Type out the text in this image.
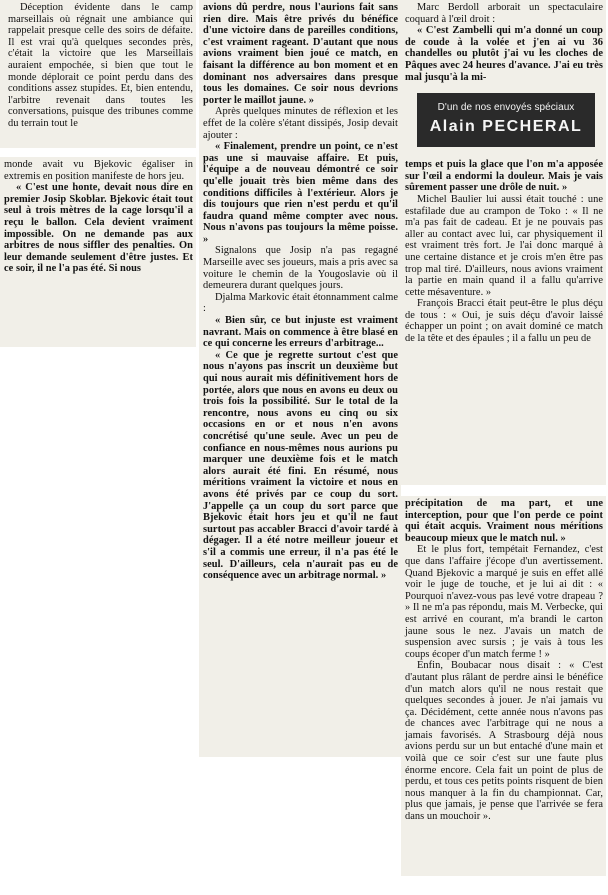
Déception évidente dans le camp marseillais où régnait une ambiance qui rappelait presque celle des soirs de défaite. Il est vrai qu'à quelques secondes près, c'était la victoire que les Marseillais auraient empochée, si bien que tout le monde déplorait ce point perdu dans des conditions assez stupides. Et, bien entendu, l'arbitre revenait dans toutes les conversations, puisque des tribunes comme du terrain tout le

monde avait vu Bjekovic égaliser in extremis en position manifeste de hors jeu.

« C'est une honte, devait nous dire en premier Josip Skoblar. Bjekovic était tout seul à trois mètres de la cage lorsqu'il a reçu le ballon. Cela devient vraiment impossible. On ne demande pas aux arbitres de nous siffler des penalties. On leur demande seulement d'être justes. Et ce soir, il ne l'a pas été. Si nous

avions dû perdre, nous l'aurions fait sans rien dire. Mais être privés du bénéfice d'une victoire dans de pareilles conditions, c'est vraiment rageant. D'autant que nous avions vraiment bien joué ce match, en faisant la différence au bon moment et en dominant nos adversaires dans presque tous les domaines. Ce soir nous devrions porter le maillot jaune. »

Après quelques minutes de réflexion et les effet de la colère s'étant dissipés, Josip devait ajouter :

« Finalement, prendre un point, ce n'est pas une si mauvaise affaire. Et puis, l'équipe a de nouveau démontré ce soir qu'elle jouait très bien même dans des conditions difficiles à l'extérieur. Alors je dis toujours que rien n'est perdu et qu'il faudra quand même compter avec nous. Nous n'avons pas toujours la même poisse. »

Signalons que Josip n'a pas regagné Marseille avec ses joueurs, mais a pris avec sa voiture le chemin de la Yougoslavie où il demeurera durant quelques jours.

Djalma Markovic était étonnamment calme :

« Bien sûr, ce but injuste est vraiment navrant. Mais on commence à être blasé en ce qui concerne les erreurs d'arbitrage...

« Ce que je regrette surtout c'est que nous n'ayons pas inscrit un deuxième but qui nous aurait mis définitivement hors de portée, alors que nous en avons eu deux ou trois fois la possibilité. Sur le total de la rencontre, nous avons eu cinq ou six occasions en or et nous n'en avons concrétisé qu'une seule. Avec un peu de confiance en nous-mêmes nous aurions pu marquer une deuxième fois et le match alors aurait été fini. En résumé, nous méritions vraiment la victoire et nous en avons été privés par ce coup du sort. J'appelle ça un coup du sort parce que Bjekovic était hors jeu et qu'il ne faut surtout pas accabler Bracci d'avoir tardé à dégager. Il a été notre meilleur joueur et s'il a commis une erreur, il n'a pas été le seul. D'ailleurs, cela n'aurait pas eu de conséquence avec un arbitrage normal. »

Marc Berdoll arborait un spectaculaire coquard à l'œil droit :

« C'est Zambelli qui m'a donné un coup de coude à la volée et j'en ai vu 36 chandelles ou plutôt j'ai vu les cloches de Pâques avec 24 heures d'avance. J'ai eu très mal jusqu'à la mi-

D'un de nos envoyés spéciaux
Alain PECHERAL

temps et puis la glace que l'on m'a apposée sur l'œil a endormi la douleur. Mais je vais sûrement passer une drôle de nuit. »

Michel Baulier lui aussi était touché : une estafilade due au crampon de Toko : « Il ne m'a pas fait de cadeau. Et je ne pouvais pas aller au contact avec lui, car physiquement il est vraiment très fort. Je l'ai donc marqué à une certaine distance et je crois m'en être pas trop mal tiré. D'ailleurs, nous avions vraiment la partie en main quand il a fallu qu'arrive cette mésaventure. »

François Bracci était peut-être le plus déçu de tous : « Oui, je suis déçu d'avoir laissé échapper un point ; on avait dominé ce match de la tête et des épaules ; il a fallu un peu de

précipitation de ma part, et une interception, pour que l'on perde ce point qui était acquis. Vraiment nous méritions beaucoup mieux que le match nul. »

Et le plus fort, tempétait Fernandez, c'est que dans l'affaire j'écope d'un avertissement. Quand Bjekovic a marqué je suis en effet allé voir le juge de touche, et je lui ai dit : « Pourquoi n'avez-vous pas levé votre drapeau ? » Il ne m'a pas répondu, mais M. Verbecke, qui est arrivé en courant, m'a brandi le carton jaune sous le nez. J'avais un match de suspension avec sursis ; je vais à tous les coups écoper d'un match ferme ! »

Enfin, Boubacar nous disait : « C'est d'autant plus râlant de perdre ainsi le bénéfice d'un match alors qu'il ne nous restait que quelques secondes à jouer. Je n'ai jamais vu ça. Décidément, cette année nous n'avons pas de chances avec l'arbitrage qui ne nous a jamais favorisés. A Strasbourg déjà nous avions perdu sur un but entaché d'une main et voilà que ce soir c'est sur une faute plus énorme encore. Cela fait un point de plus de perdu, et tous ces petits points risquent de bien nous manquer à la fin du championnat. Car, plus que jamais, je pense que l'arrivée se fera dans un mouchoir ».
